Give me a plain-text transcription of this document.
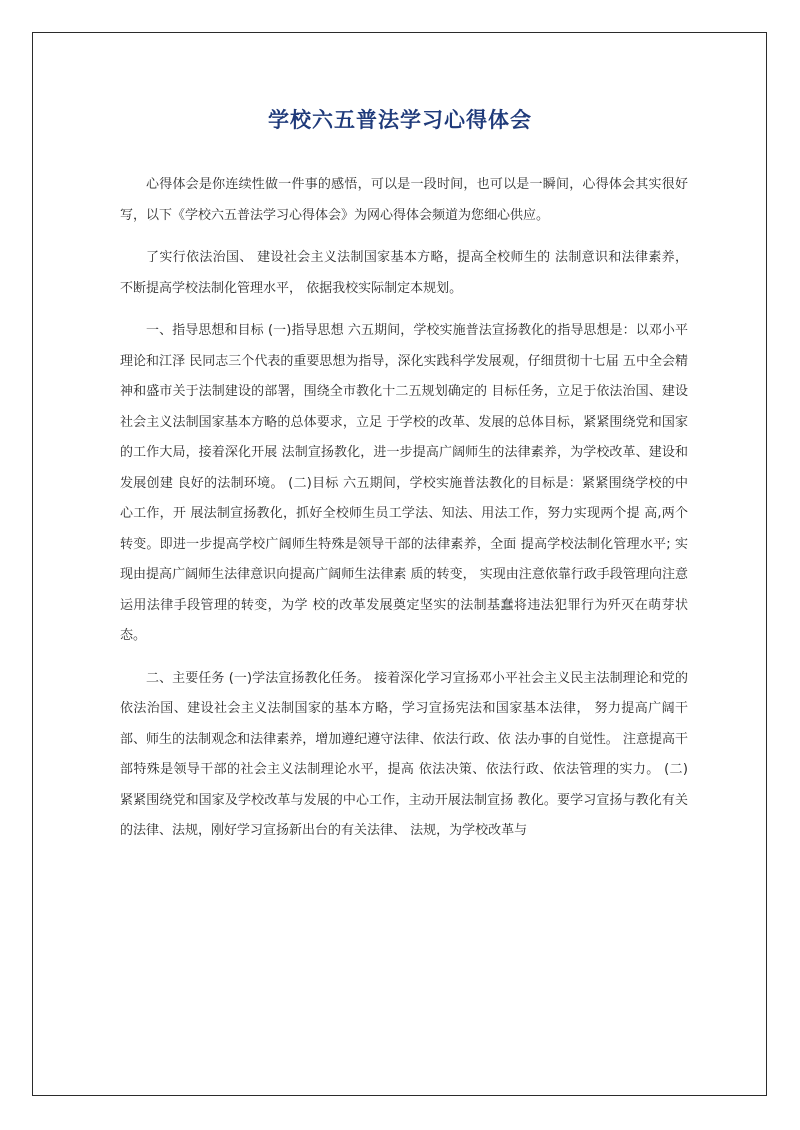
学校六五普法学习心得体会

心得体会是你连续性做一件事的感悟，可以是一段时间，也可以是一瞬间，心得体会其实很好写，以下《学校六五普法学习心得体会》为网心得体会频道为您细心供应。

了实行依法治国、 建设社会主义法制国家基本方略，提高全校师生的 法制意识和法律素养， 不断提高学校法制化管理水平， 依据我校实际制定本规划。

一、指导思想和目标 (一)指导思想 六五期间，学校实施普法宣扬教化的指导思想是：以邓小平理论和江泽 民同志三个代表的重要思想为指导，深化实践科学发展观，仔细贯彻十七届 五中全会精神和盛市关于法制建设的部署，围绕全市教化十二五规划确定的 目标任务，立足于依法治国、建设社会主义法制国家基本方略的总体要求，立足 于学校的改革、发展的总体目标，紧紧围绕党和国家的工作大局，接着深化开展 法制宣扬教化，进一步提高广阔师生的法律素养，为学校改革、建设和发展创建 良好的法制环境。 (二)目标 六五期间，学校实施普法教化的目标是：紧紧围绕学校的中心工作，开 展法制宣扬教化，抓好全校师生员工学法、知法、用法工作，努力实现两个提 高,两个转变。即进一步提高学校广阔师生特殊是领导干部的法律素养，全面 提高学校法制化管理水平; 实现由提高广阔师生法律意识向提高广阔师生法律素 质的转变， 实现由注意依靠行政手段管理向注意运用法律手段管理的转变，为学 校的改革发展奠定坚实的法制基蠢将违法犯罪行为歼灭在萌芽状态。

二、主要任务 (一)学法宣扬教化任务。 接着深化学习宣扬邓小平社会主义民主法制理论和党的 依法治国、建设社会主义法制国家的基本方略，学习宣扬宪法和国家基本法律， 努力提高广阔干部、师生的法制观念和法律素养，增加遵纪遵守法律、依法行政、依 法办事的自觉性。 注意提高干部特殊是领导干部的社会主义法制理论水平，提高 依法决策、依法行政、依法管理的实力。 (二) 紧紧围绕党和国家及学校改革与发展的中心工作，主动开展法制宣扬 教化。要学习宣扬与教化有关的法律、法规，刚好学习宣扬新出台的有关法律、 法规，为学校改革与
